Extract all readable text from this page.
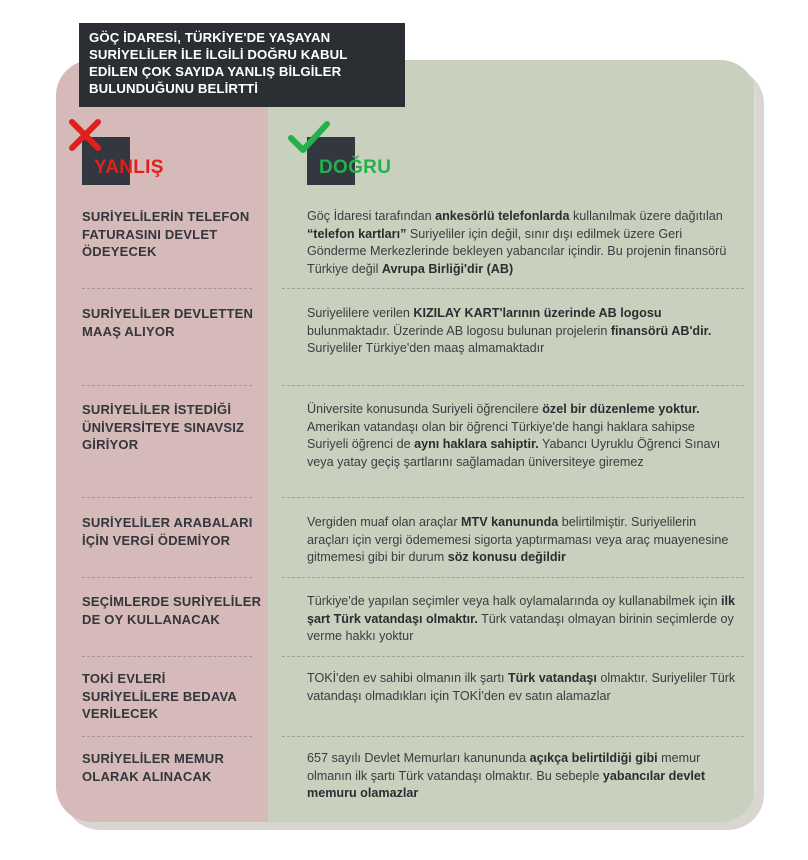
GÖÇ İDARESİ, TÜRKİYE'DE YAŞAYAN SURİYELİLER İLE İLGİLİ DOĞRU KABUL EDİLEN ÇOK SAYIDA YANLIŞ BİLGİLER BULUNDUĞUNU BELİRTTİ
YANLIŞ	DOĞRU
SURİYELİLERİN TELEFON FATURASINI DEVLET ÖDEYECEK
Göç İdaresi tarafından ankesörlü telefonlarda kullanılmak üzere dağıtılan “telefon kartları” Suriyeliler için değil, sınır dışı edilmek üzere Geri Gönderme Merkezlerinde bekleyen yabancılar içindir. Bu projenin finansörü Türkiye değil Avrupa Birliği'dir (AB)
SURİYELİLER DEVLETTEN MAAŞ ALIYOR
Suriyelilere verilen KIZILAY KART'larının üzerinde AB logosu bulunmaktadır. Üzerinde AB logosu bulunan projelerin finansörü AB'dir. Suriyeliler Türkiye'den maaş almamaktadır
SURİYELİLER İSTEDİĞİ ÜNİVERSİTEYE SINAVSIZ GİRİYOR
Üniversite konusunda Suriyeli öğrencilere özel bir düzenleme yoktur. Amerikan vatandaşı olan bir öğrenci Türkiye'de hangi haklara sahipse Suriyeli öğrenci de aynı haklara sahiptir. Yabancı Uyruklu Öğrenci Sınavı veya yatay geçiş şartlarını sağlamadan üniversiteye giremez
SURİYELİLER ARABALARI İÇİN VERGİ ÖDEMİYOR
Vergiden muaf olan araçlar MTV kanununda belirtilmiştir. Suriyelilerin araçları için vergi ödememesi sigorta yaptırmaması veya araç muayenesine gitmemesi gibi bir durum söz konusu değildir
SEÇİMLERDE SURİYELİLER DE OY KULLANACAK
Türkiye'de yapılan seçimler veya halk oylamalarında oy kullanabilmek için ilk şart Türk vatandaşı olmaktır. Türk vatandaşı olmayan birinin seçimlerde oy verme hakkı yoktur
TOKİ EVLERİ SURİYELİLERE BEDAVA VERİLECEK
TOKİ'den ev sahibi olmanın ilk şartı Türk vatandaşı olmaktır. Suriyeliler Türk vatandaşı olmadıkları için TOKİ'den ev satın alamazlar
SURİYELİLER MEMUR OLARAK ALINACAK
657 sayılı Devlet Memurları kanununda açıkça belirtildiği gibi memur olmanın ilk şartı Türk vatandaşı olmaktır. Bu sebeple yabancılar devlet memuru olamazlar
